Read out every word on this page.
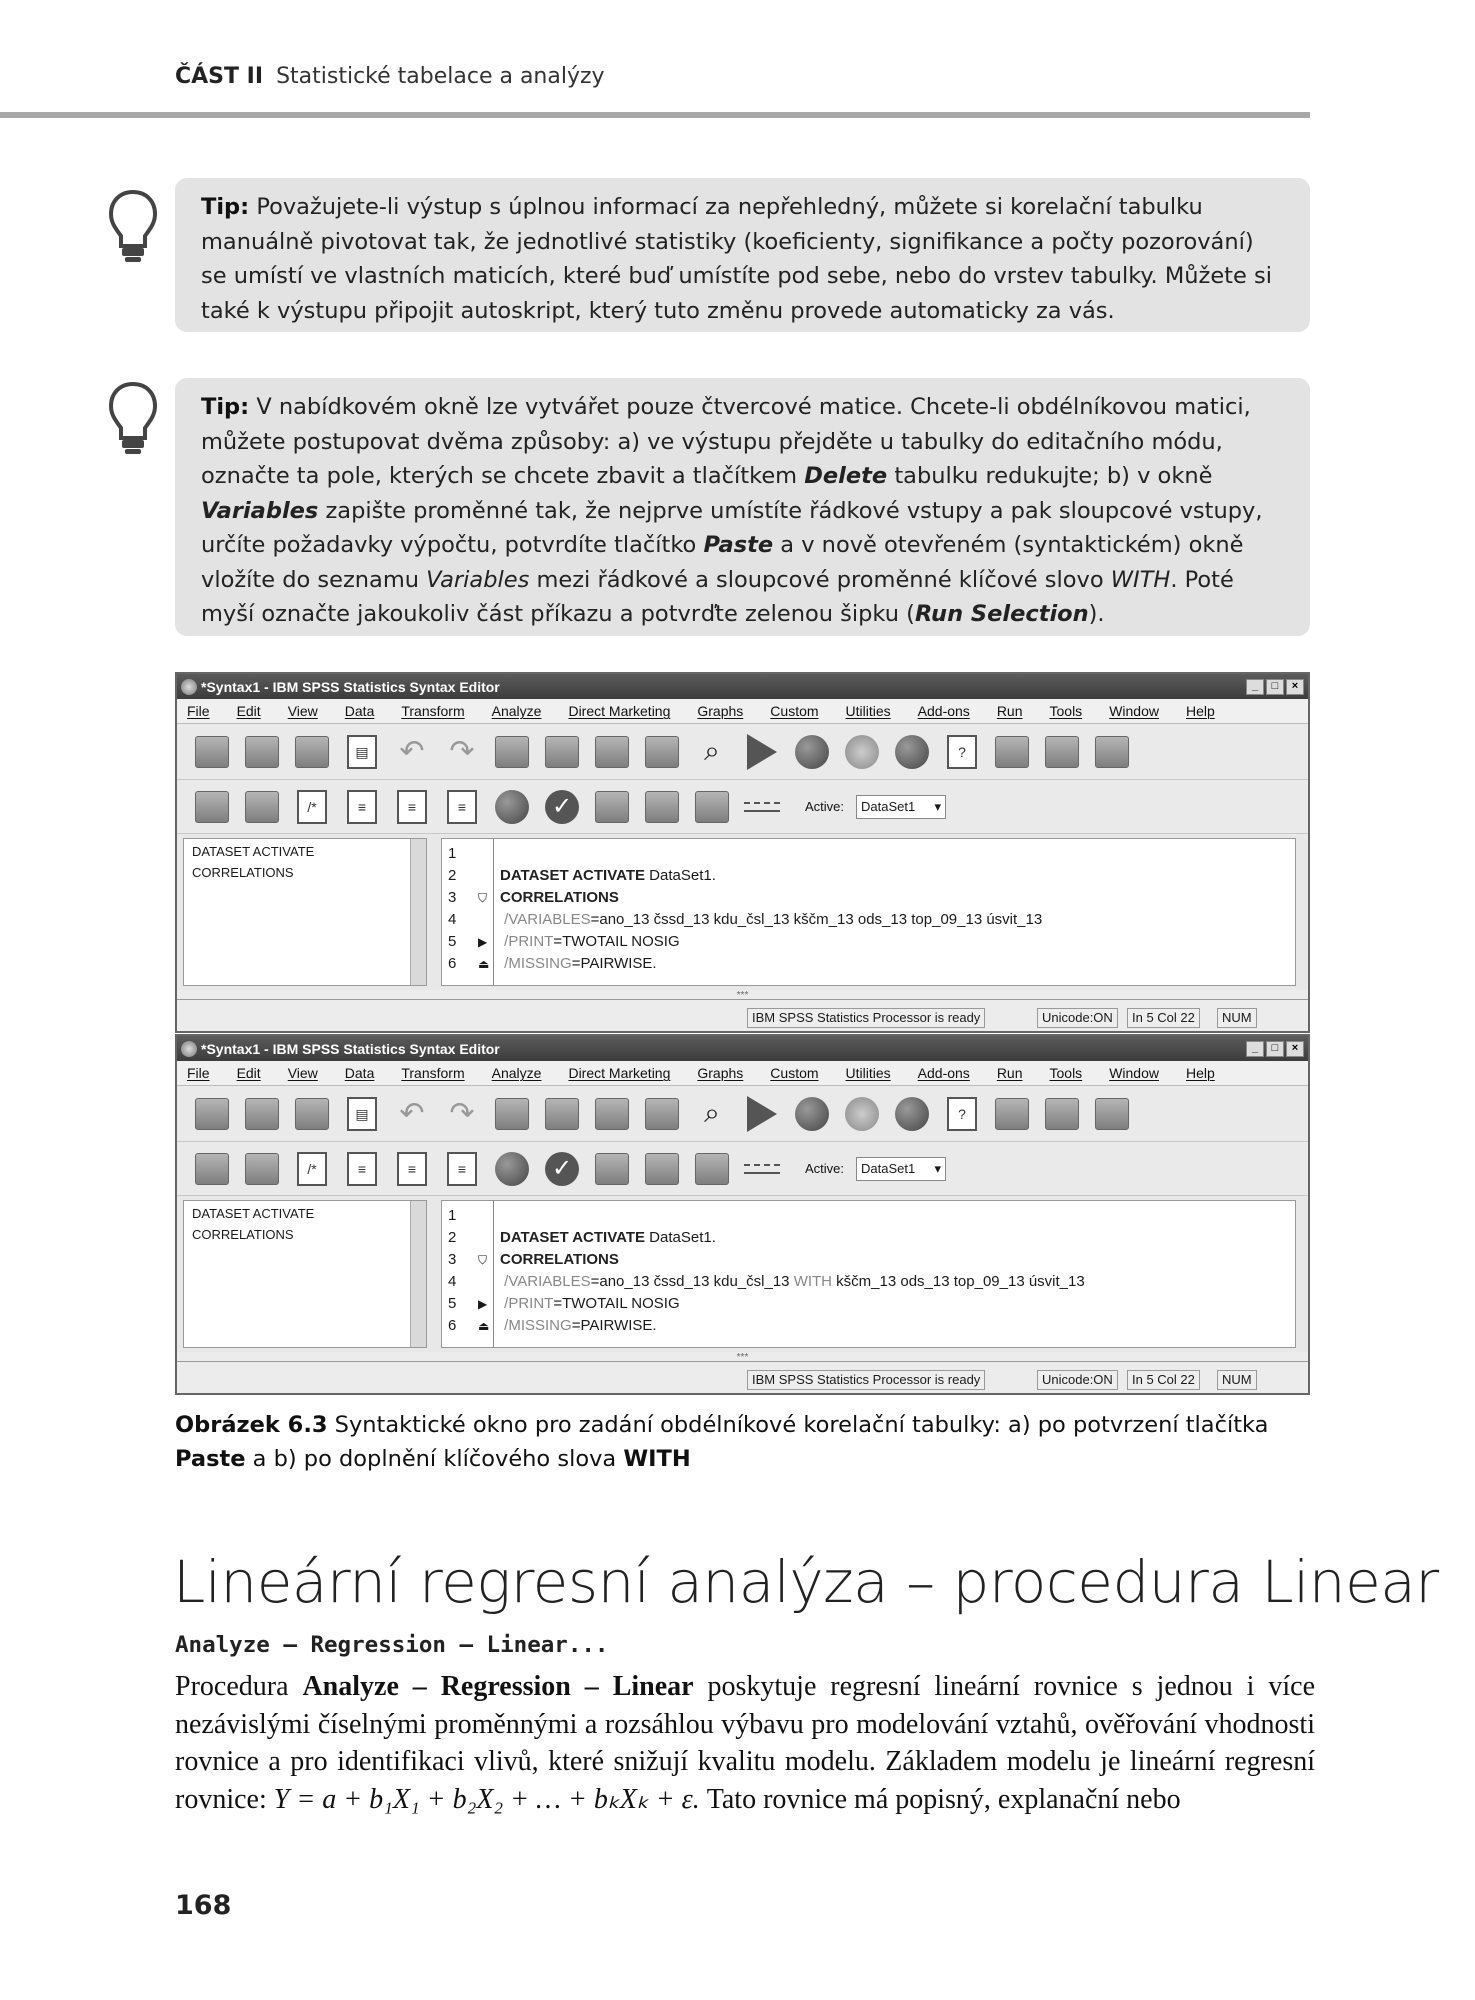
ČÁST II Statistické tabelace a analýzy
Tip: Považujete-li výstup s úplnou informací za nepřehledný, můžete si korelační tabulku manuálně pivotovat tak, že jednotlivé statistiky (koeficienty, signifikance a počty pozorování) se umístí ve vlastních maticích, které buď umístíte pod sebe, nebo do vrstev tabulky. Můžete si také k výstupu připojit autoskript, který tuto změnu provede automaticky za vás.
Tip: V nabídkovém okně lze vytvářet pouze čtvercové matice. Chcete-li obdélníkovou matici, můžete postupovat dvěma způsoby: a) ve výstupu přejděte u tabulky do editačního módu, označte ta pole, kterých se chcete zbavit a tlačítkem Delete tabulku redukujte; b) v okně Variables zapište proměnné tak, že nejprve umístíte řádkové vstupy a pak sloupcové vstupy, určíte požadavky výpočtu, potvrdíte tlačítko Paste a v nově otevřeném (syntaktickém) okně vložíte do seznamu Variables mezi řádkové a sloupcové proměnné klíčové slovo WITH. Poté myší označte jakoukoliv část příkazu a potvrďte zelenou šipku (Run Selection).
*Syntax1 - IBM SPSS Statistics Syntax Editor	_	□	×
File Edit View Data Transform Analyze Direct Marketing Graphs Custom Utilities Add-ons Run Tools Window Help
▤ ↶ ↷	⌕	?
/*	≡	≡	≡	✓	Active: DataSet1 ▾
DATASET ACTIVATE
CORRELATIONS
1
2
3
4
5
6
⛉
▶
⏏
DATASET ACTIVATE DataSet1.
CORRELATIONS
/VARIABLES=ano_13 čssd_13 kdu_čsl_13 kščm_13 ods_13 top_09_13 úsvit_13
/PRINT=TWOTAIL NOSIG
/MISSING=PAIRWISE.
***
IBM SPSS Statistics Processor is ready	Unicode:ON	In 5 Col 22	NUM
*Syntax1 - IBM SPSS Statistics Syntax Editor	_	□	×
File Edit View Data Transform Analyze Direct Marketing Graphs Custom Utilities Add-ons Run Tools Window Help
▤ ↶ ↷	⌕	?
/*	≡	≡	≡	✓	Active: DataSet1 ▾
DATASET ACTIVATE
CORRELATIONS
1
2
3
4
5
6
⛉
▶
⏏
DATASET ACTIVATE DataSet1.
CORRELATIONS
/VARIABLES=ano_13 čssd_13 kdu_čsl_13 WITH kščm_13 ods_13 top_09_13 úsvit_13
/PRINT=TWOTAIL NOSIG
/MISSING=PAIRWISE.
***
IBM SPSS Statistics Processor is ready	Unicode:ON	In 5 Col 22	NUM
Obrázek 6.3 Syntaktické okno pro zadání obdélníkové korelační tabulky: a) po potvrzení tlačítka Paste a b) po doplnění klíčového slova WITH
Lineární regresní analýza – procedura Linear
Analyze – Regression – Linear...
Procedura Analyze – Regression – Linear poskytuje regresní lineární rovnice s jednou i více nezávislými číselnými proměnnými a rozsáhlou výbavu pro modelování vztahů, ověřování vhodnosti rovnice a pro identifikaci vlivů, které snižují kvalitu modelu. Základem modelu je lineární regresní rovnice: Y = a + b₁X₁ + b₂X₂ + … + bₖXₖ + ε. Tato rovnice má popisný, explanační nebo
168
